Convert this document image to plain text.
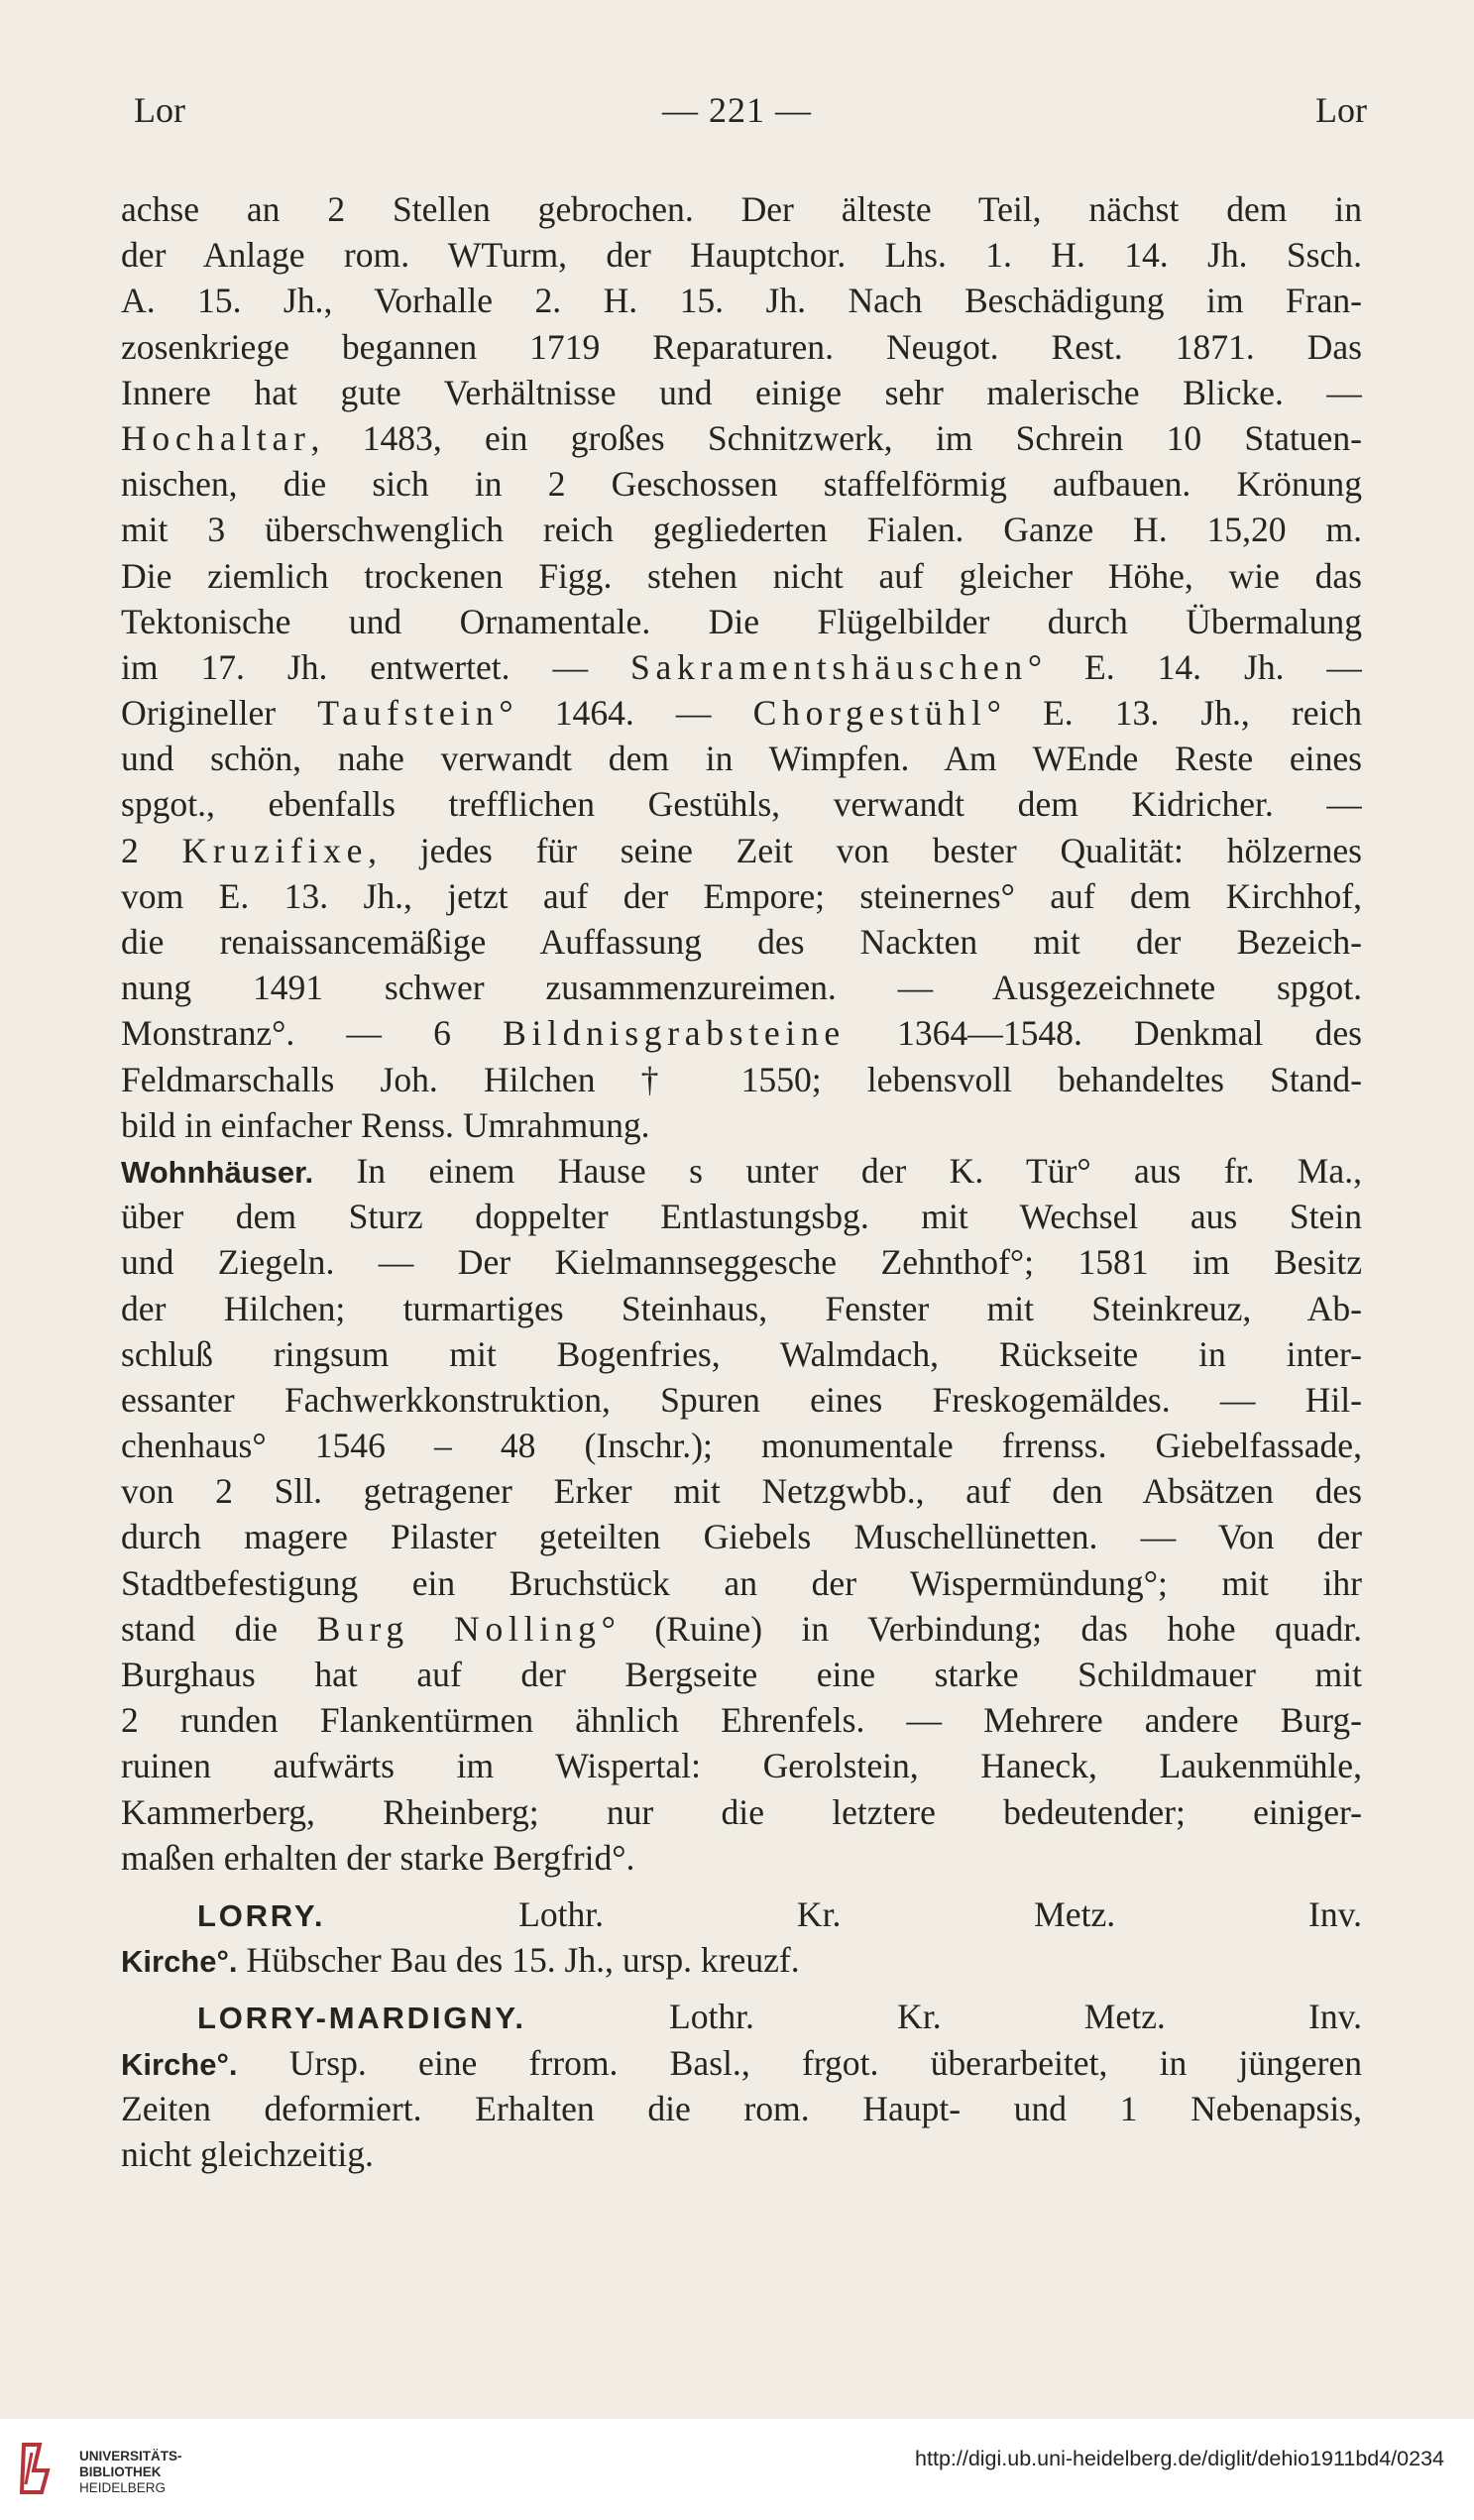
Lor	— 221 —	Lor
achse an 2 Stellen gebrochen. Der älteste Teil, nächst dem in
der Anlage rom. WTurm, der Hauptchor. Lhs. 1. H. 14. Jh. Ssch.
A. 15. Jh., Vorhalle 2. H. 15. Jh. Nach Beschädigung im Fran-
zosenkriege begannen 1719 Reparaturen. Neugot. Rest. 1871. Das
Innere hat gute Verhältnisse und einige sehr malerische Blicke. —
Hochaltar, 1483, ein großes Schnitzwerk, im Schrein 10 Statuen-
nischen, die sich in 2 Geschossen staffelförmig aufbauen. Krönung
mit 3 überschwenglich reich gegliederten Fialen. Ganze H. 15,20 m.
Die ziemlich trockenen Figg. stehen nicht auf gleicher Höhe, wie das
Tektonische und Ornamentale. Die Flügelbilder durch Übermalung
im 17. Jh. entwertet. — Sakramentshäuschen° E. 14. Jh. —
Origineller Taufstein° 1464. — Chorgestühl° E. 13. Jh., reich
und schön, nahe verwandt dem in Wimpfen. Am WEnde Reste eines
spgot., ebenfalls trefflichen Gestühls, verwandt dem Kidricher. —
2 Kruzifixe, jedes für seine Zeit von bester Qualität: hölzernes
vom E. 13. Jh., jetzt auf der Empore; steinernes° auf dem Kirchhof,
die renaissancemäßige Auffassung des Nackten mit der Bezeich-
nung 1491 schwer zusammenzureimen. — Ausgezeichnete spgot.
Monstranz°. — 6 Bildnisgrabsteine 1364—1548. Denkmal des
Feldmarschalls Joh. Hilchen † 1550; lebensvoll behandeltes Stand-
bild in einfacher Renss. Umrahmung.
Wohnhäuser. In einem Hause s unter der K. Tür° aus fr. Ma.,
über dem Sturz doppelter Entlastungsbg. mit Wechsel aus Stein
und Ziegeln. — Der Kielmannseggesche Zehnthof°; 1581 im Besitz
der Hilchen; turmartiges Steinhaus, Fenster mit Steinkreuz, Ab-
schluß ringsum mit Bogenfries, Walmdach, Rückseite in inter-
essanter Fachwerkkonstruktion, Spuren eines Freskogemäldes. — Hil-
chenhaus° 1546 – 48 (Inschr.); monumentale frrenss. Giebelfassade,
von 2 Sll. getragener Erker mit Netzgwbb., auf den Absätzen des
durch magere Pilaster geteilten Giebels Muschellünetten. — Von der
Stadtbefestigung ein Bruchstück an der Wispermündung°; mit ihr
stand die Burg Nolling° (Ruine) in Verbindung; das hohe quadr.
Burghaus hat auf der Bergseite eine starke Schildmauer mit
2 runden Flankentürmen ähnlich Ehrenfels. — Mehrere andere Burg-
ruinen aufwärts im Wispertal: Gerolstein, Haneck, Laukenmühle,
Kammerberg, Rheinberg; nur die letztere bedeutender; einiger-
maßen erhalten der starke Bergfrid°.
LORRY. Lothr. Kr. Metz. Inv.
Kirche°. Hübscher Bau des 15. Jh., ursp. kreuzf.
LORRY-MARDIGNY. Lothr. Kr. Metz. Inv.
Kirche°. Ursp. eine frrom. Basl., frgot. überarbeitet, in jüngeren
Zeiten deformiert. Erhalten die rom. Haupt- und 1 Nebenapsis,
nicht gleichzeitig.
UNIVERSITÄTS-
BIBLIOTHEK
HEIDELBERG
http://digi.ub.uni-heidelberg.de/diglit/dehio1911bd4/0234
